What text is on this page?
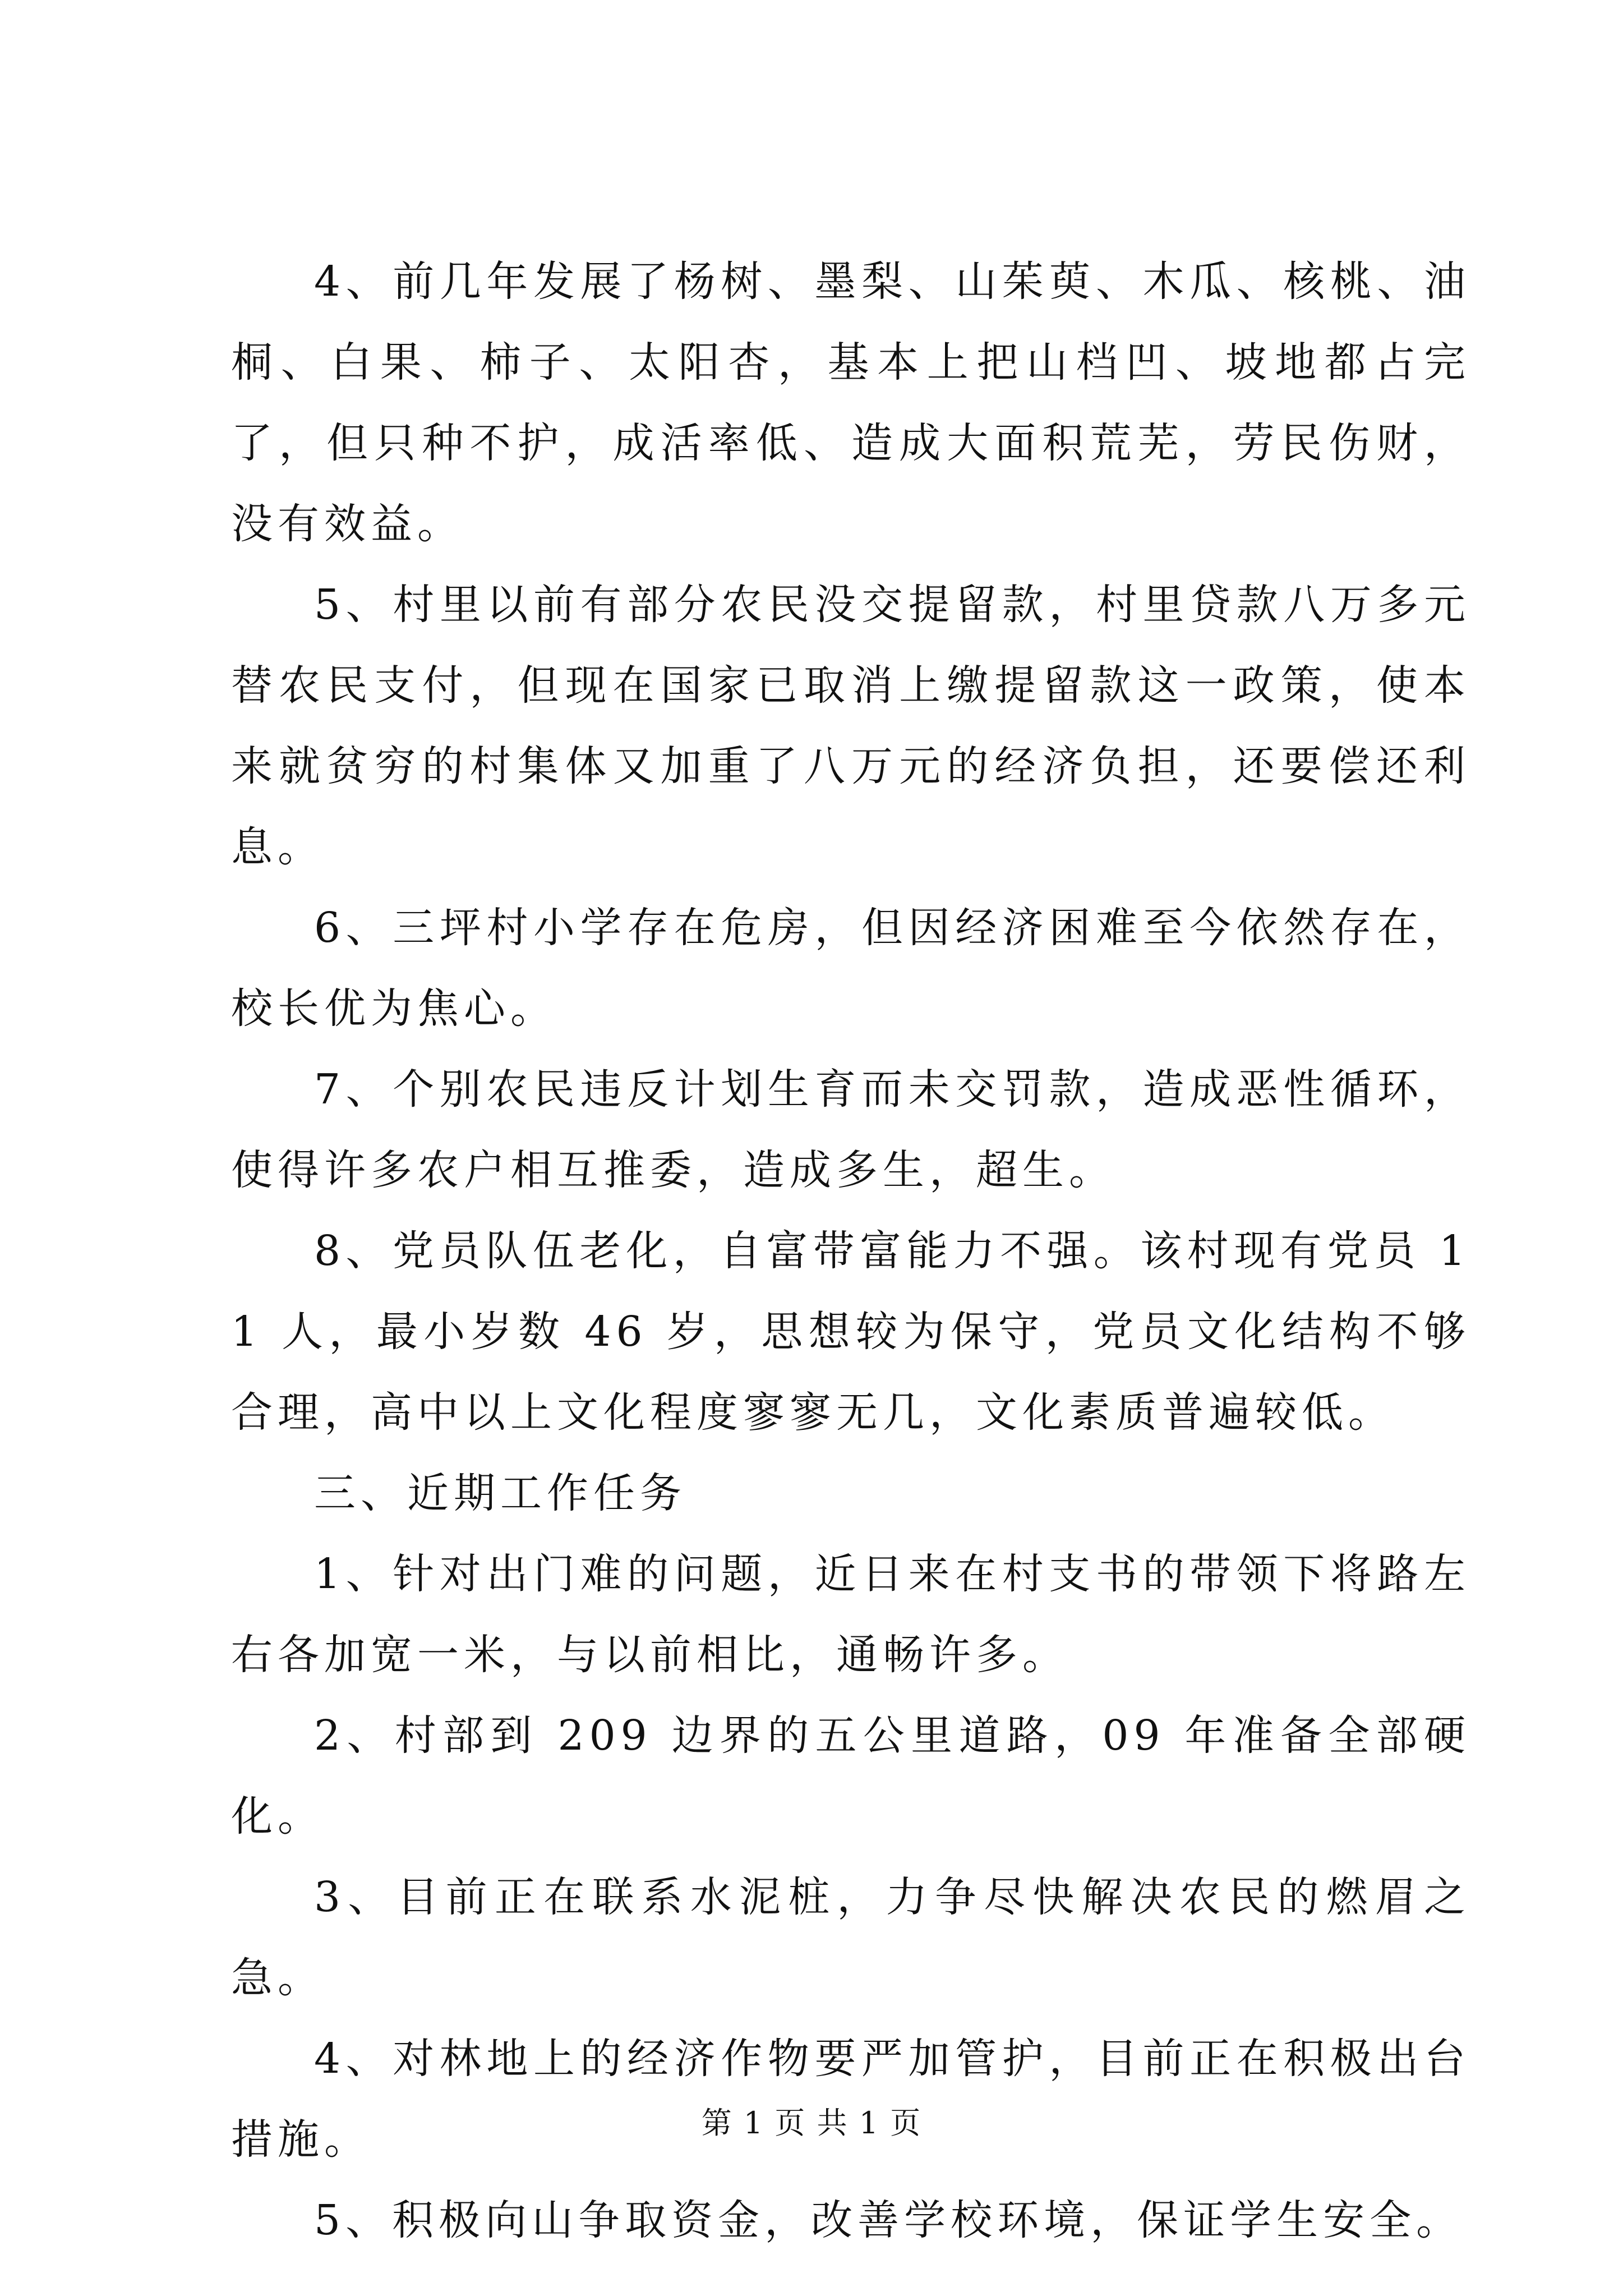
4、前几年发展了杨树、墨梨、山茱萸、木瓜、核桃、油桐、白果、柿子、太阳杏，基本上把山档凹、坡地都占完了，但只种不护，成活率低、造成大面积荒芜，劳民伤财，没有效益。

5、村里以前有部分农民没交提留款，村里贷款八万多元替农民支付，但现在国家已取消上缴提留款这一政策，使本来就贫穷的村集体又加重了八万元的经济负担，还要偿还利息。

6、三坪村小学存在危房，但因经济困难至今依然存在，校长优为焦心。

7、个别农民违反计划生育而未交罚款，造成恶性循环，使得许多农户相互推委，造成多生，超生。

8、党员队伍老化，自富带富能力不强。该村现有党员 11 人，最小岁数 46 岁，思想较为保守，党员文化结构不够合理，高中以上文化程度寥寥无几，文化素质普遍较低。

三、近期工作任务

1、针对出门难的问题，近日来在村支书的带领下将路左右各加宽一米，与以前相比，通畅许多。

2、村部到 209 边界的五公里道路，09 年准备全部硬化。

3、目前正在联系水泥桩，力争尽快解决农民的燃眉之急。

4、对林地上的经济作物要严加管护，目前正在积极出台措施。

5、积极向山争取资金，改善学校环境，保证学生安全。

第 1 页 共 1 页
